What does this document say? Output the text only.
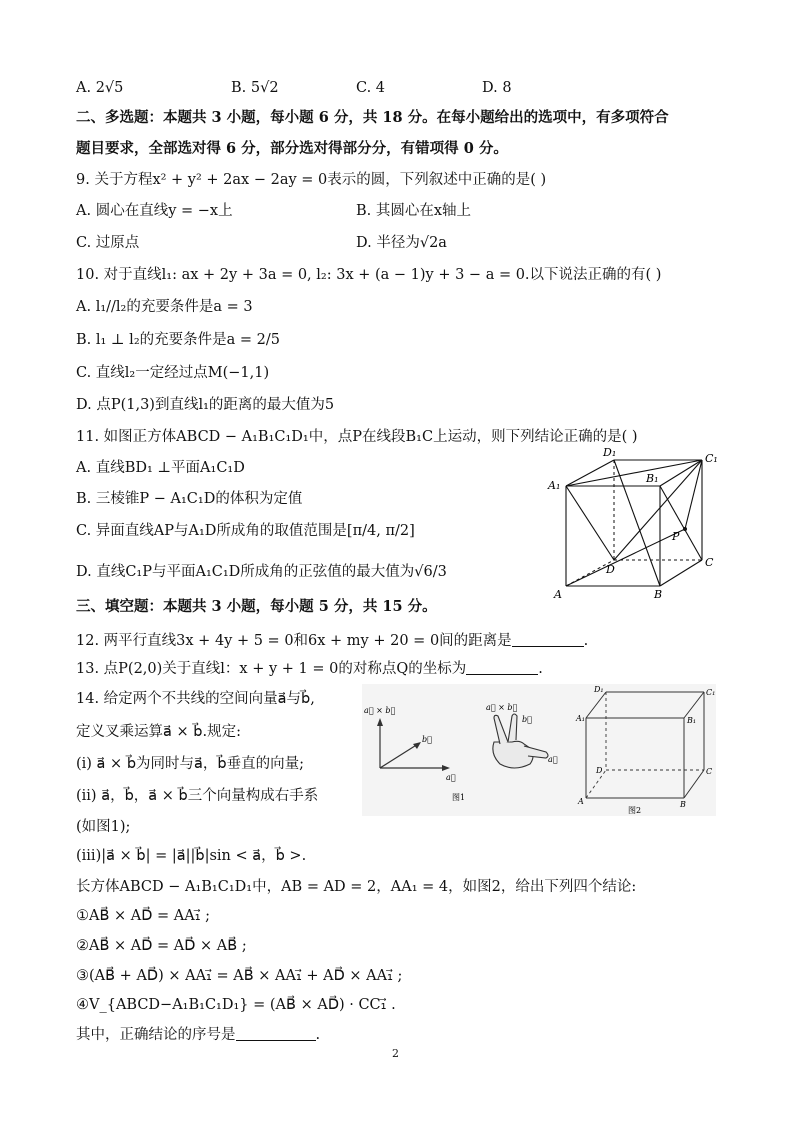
A. 2√5	B. 5√2	C. 4	D. 8
二、多选题：本题共 3 小题，每小题 6 分，共 18 分。在每小题给出的选项中，有多项符合
题目要求，全部选对得 6 分，部分选对得部分分，有错项得 0 分。
9. 关于方程x² + y² + 2ax − 2ay = 0表示的圆，下列叙述中正确的是( )
A. 圆心在直线y = −x上	B. 其圆心在x轴上
C. 过原点	D. 半径为√2a
10. 对于直线l₁: ax + 2y + 3a = 0, l₂: 3x + (a − 1)y + 3 − a = 0.以下说法正确的有( )
A. l₁//l₂的充要条件是a = 3
B. l₁ ⊥ l₂的充要条件是a = 2/5
C. 直线l₂一定经过点M(−1,1)
D. 点P(1,3)到直线l₁的距离的最大值为5
11. 如图正方体ABCD − A₁B₁C₁D₁中，点P在线段B₁C上运动，则下列结论正确的是( )
A. 直线BD₁ ⊥平面A₁C₁D
B. 三棱锥P − A₁C₁D的体积为定值
C. 异面直线AP与A₁D所成角的取值范围是[π/4, π/2]
D. 直线C₁P与平面A₁C₁D所成角的正弦值的最大值为√6/3
D₁	C₁
A₁
B₁
P
C
D
A	B
三、填空题：本题共 3 小题，每小题 5 分，共 15 分。
12. 两平行直线3x + 4y + 5 = 0和6x + my + 20 = 0间的距离是	.
13. 点P(2,0)关于直线l：x + y + 1 = 0的对称点Q的坐标为	.
14. 给定两个不共线的空间向量a⃗与b⃗,
定义叉乘运算a⃗ × b⃗.规定:
(i) a⃗ × b⃗为同时与a⃗，b⃗垂直的向量;
(ii) a⃗，b⃗，a⃗ × b⃗三个向量构成右手系
(如图1);
(iii)|a⃗ × b⃗| = |a⃗||b⃗|sin < a⃗，b⃗ >.
长方体ABCD − A₁B₁C₁D₁中，AB = AD = 2，AA₁ = 4，如图2，给出下列四个结论:
①AB⃗ × AD⃗ = AA₁⃗ ;
②AB⃗ × AD⃗ = AD⃗ × AB⃗ ;
③(AB⃗ + AD⃗) × AA₁⃗ = AB⃗ × AA₁⃗ + AD⃗ × AA₁⃗ ;
④V_{ABCD−A₁B₁C₁D₁} = (AB⃗ × AD⃗) · CC₁⃗ .
其中，正确结论的序号是	.
a⃗ × b⃗
b⃗
a⃗
图1
a⃗ × b⃗
b⃗
a⃗
D₁	C₁
A₁	B₁
D	C
A	B
图2
2
